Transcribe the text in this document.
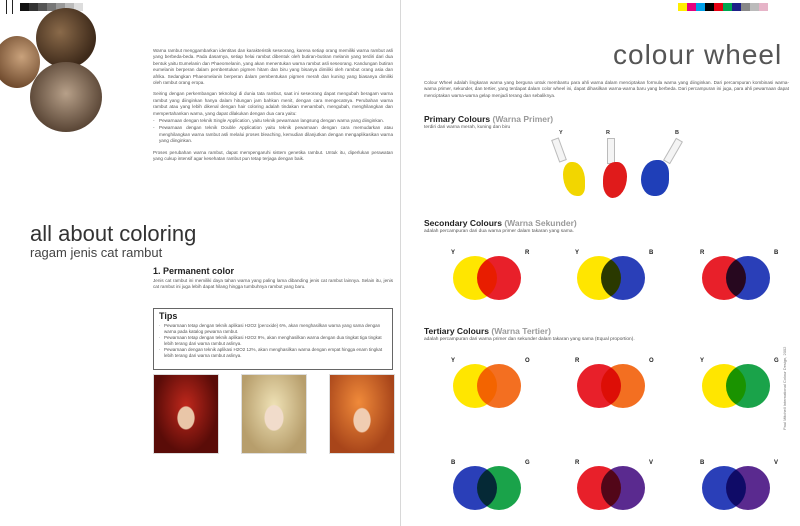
Warna rambut menggambarkan identitas dan karakteristik seseorang, karena setiap orang memiliki warna rambut asli yang berbeda-beda. Pada dasarnya, setiap helai rambut dibentuk oleh butiran-butiran melanin yang terdiri dari dua bentuk yaitu Eumelanin dan Phaeomelanin, yang akan menentukan warna rambut asli seseorang. Kandungan butiran eumelanin berperan dalam pembentukan pigmen hitam dan biru yang bisanya dimiliki oleh rambut orang asia dan afrika. Sedangkan Phaeomelanin berperan dalam pembentukan pigmen merah dan kuning yang biasanya dimiliki oleh rambut orang eropa.

Seiring dengan perkembangan teknologi di dunia tata rambut, saat ini seseorang dapat mengubah beragam warna rambut yang diinginkan hanya dalam hitungan jam bahkan menit, dengan cara mengecatnya. Perubahan warna rambut atau yang lebih dikenal dengan hair coloring adalah tindakan menambah, mengubah, menghilangkan dan mempertahankan warna, yang dapat dilakukan dengan dua cara yaitu:

- Pewarnaan dengan teknik Single Application, yaitu teknik pewarnaan langsung dengan warna yang diinginkan.
- Pewarnaan dengan teknik Double Application yaitu teknik pewarnaan dengan cara memudarkan atau menghilangkan warna rambut asli melalui proses bleaching, kemudian dilanjutkan dengan mengaplikasikan warna yang diinginkan.

Proses perubahan warna rambut, dapat mempengaruhi sistem genetika rambut. Untuk itu, diperlukan perawatan yang cukup intensif agar kesehatan rambut pun tetap terjaga dengan baik.

all about coloring
ragam jenis cat rambut
1. Permanent color
Jenis cat rambut ini memiliki daya tahan warna yang paling lama dibanding jenis cat rambut lainnya. Selain itu, jenis cat rambut ini juga lebih dapat hilang hingga tumbuhnya rambut yang baru.
Tips
· Pewarnaan tetap dengan teknik aplikasi H2O2 (peroxide) 6%, akan menghasilkan warna yang sama dengan warna pada katalog pewarna rambut.
· Pewarnaan tetap dengan teknik aplikasi H2O2 9%, akan menghasilkan warna dengan dua tingkat tiga tingkat lebih terang dari warna rambut aslinya.
· Pewarnaan dengan teknik aplikasi H2O2 12%, akan menghasilkan warna dengan empat hingga enam tingkat lebih terang dari warna rambut aslinya.
colour wheel
Colour Wheel adalah lingkaran warna yang berguna untuk membantu para ahli warna dalam menciptakan formula warna yang diinginkan. Dari percampuran kombinasi warna-warna primer, sekunder, dan tertier, yang terdapat dalam color wheel ini, dapat dihasilkan warna-warna baru yang berbeda. Dari percampuran ini juga, para ahli pewarnaan dapat menciptakan warna-warna gelap menjadi terang dan sebaliknya.
Primary Colours (Warna Primer)
terdiri dari warna merah, kuning dan biru
Y	R	B
Secondary Colours (Warna Sekunder)
adalah percampuran dari dua warna primer dalam takaran yang sama.
Y	R	Y	B	R	B
Tertiary Colours (Warna Tertier)
adalah percampuran dari warna primer dan sekunder dalam takaran yang sama (Equal proportion).
Y	O	R	O	Y	G
B	G	R	V	B	V
Paul Mitchell International Colour Design, 2002
